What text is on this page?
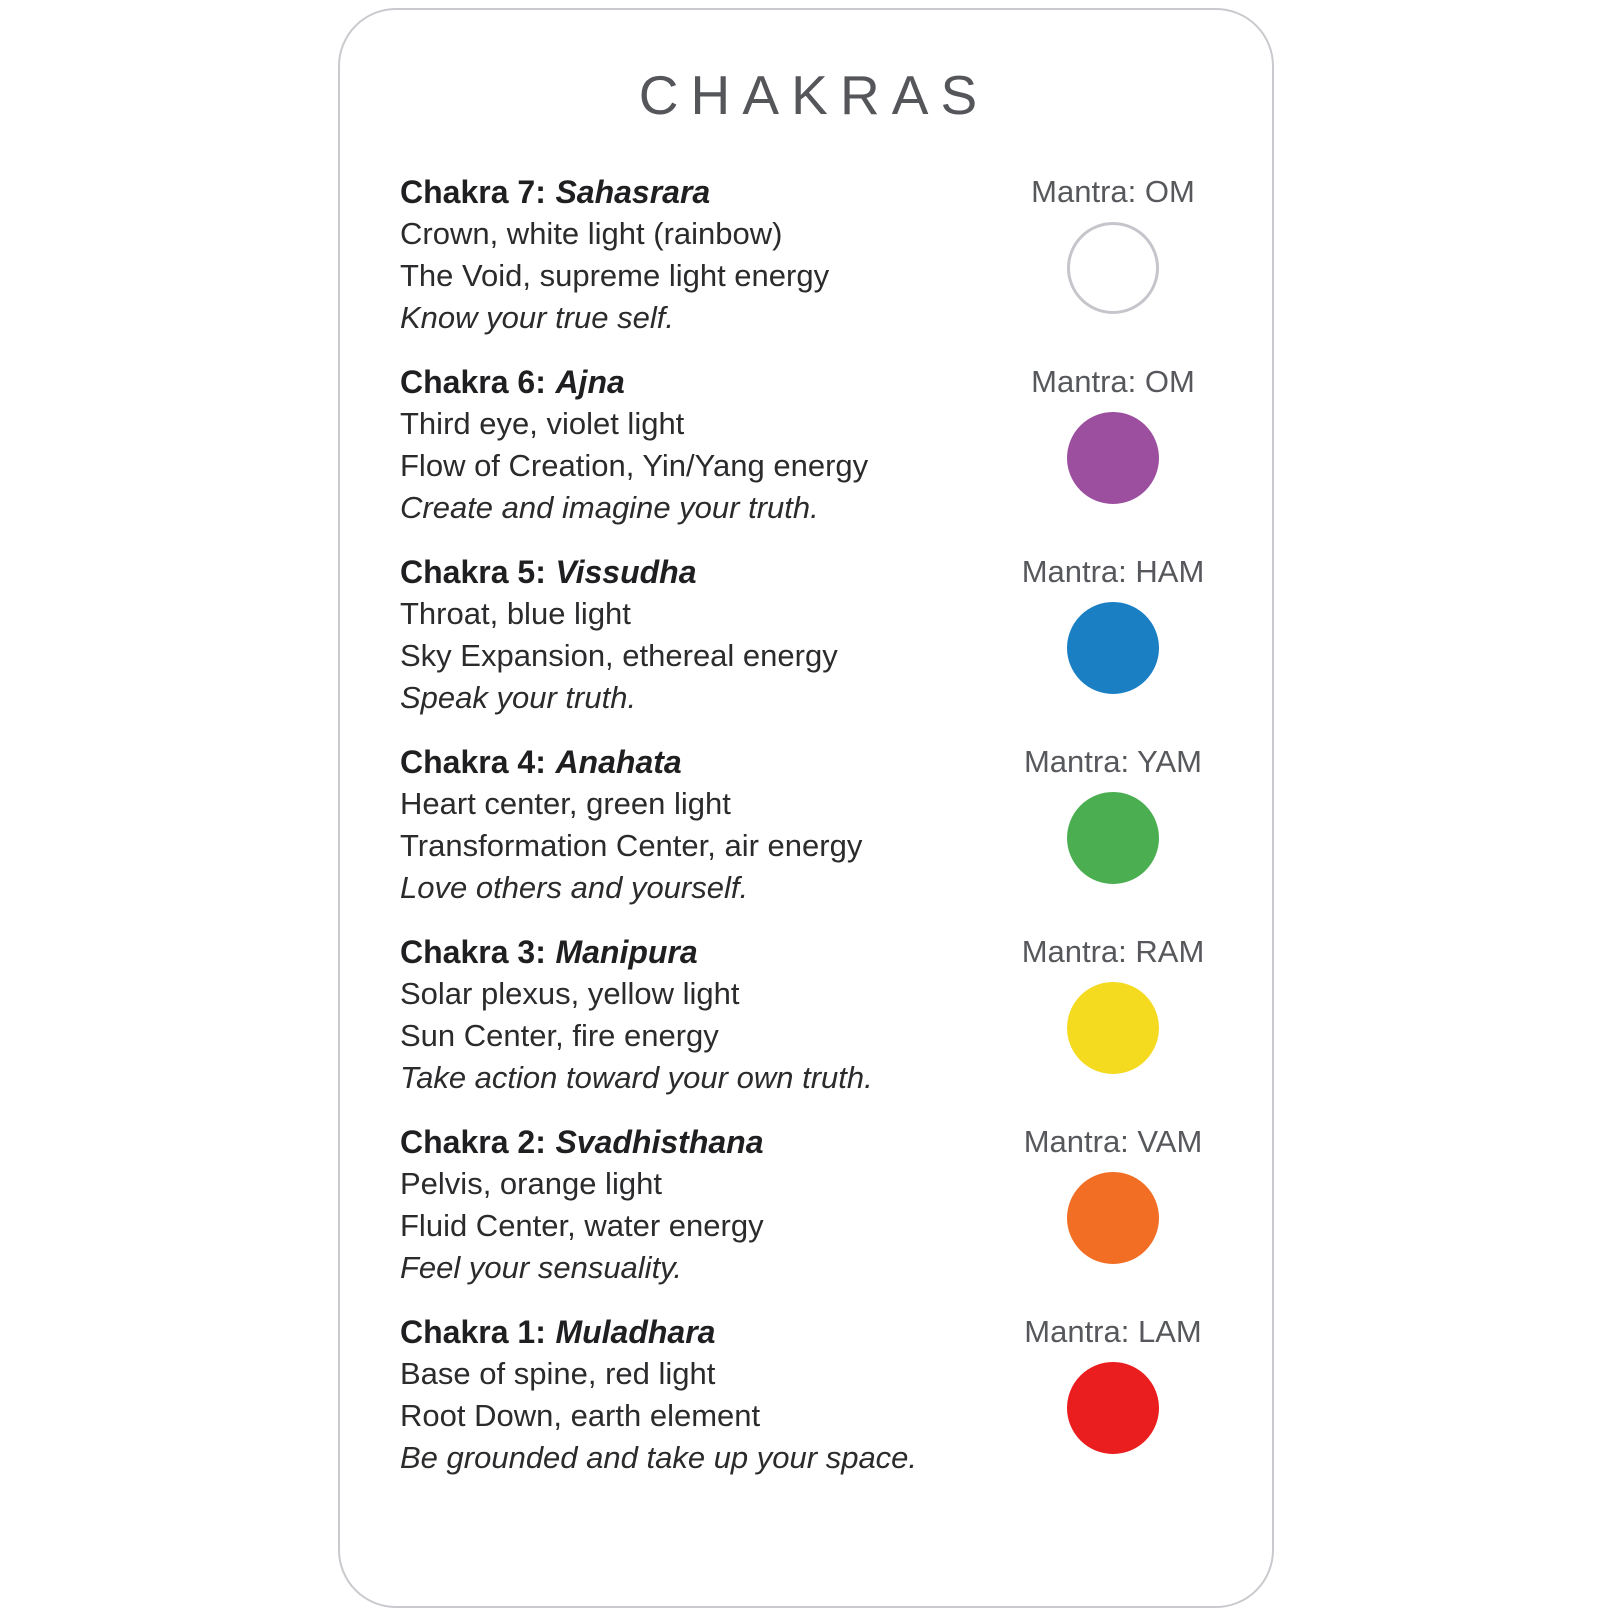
CHAKRAS
Chakra 7: Sahasrara

Crown, white light (rainbow)

The Void, supreme light energy

Know your true self.

Mantra: OM
Chakra 6: Ajna

Third eye, violet light

Flow of Creation, Yin/Yang energy

Create and imagine your truth.

Mantra: OM
Chakra 5: Vissudha

Throat, blue light

Sky Expansion, ethereal energy

Speak your truth.

Mantra: HAM
Chakra 4: Anahata

Heart center, green light

Transformation Center, air energy

Love others and yourself.

Mantra: YAM
Chakra 3: Manipura

Solar plexus, yellow light

Sun Center, fire energy

Take action toward your own truth.

Mantra: RAM
Chakra 2: Svadhisthana

Pelvis, orange light

Fluid Center, water energy

Feel your sensuality.

Mantra: VAM
Chakra 1: Muladhara

Base of spine, red light

Root Down, earth element

Be grounded and take up your space.

Mantra: LAM
